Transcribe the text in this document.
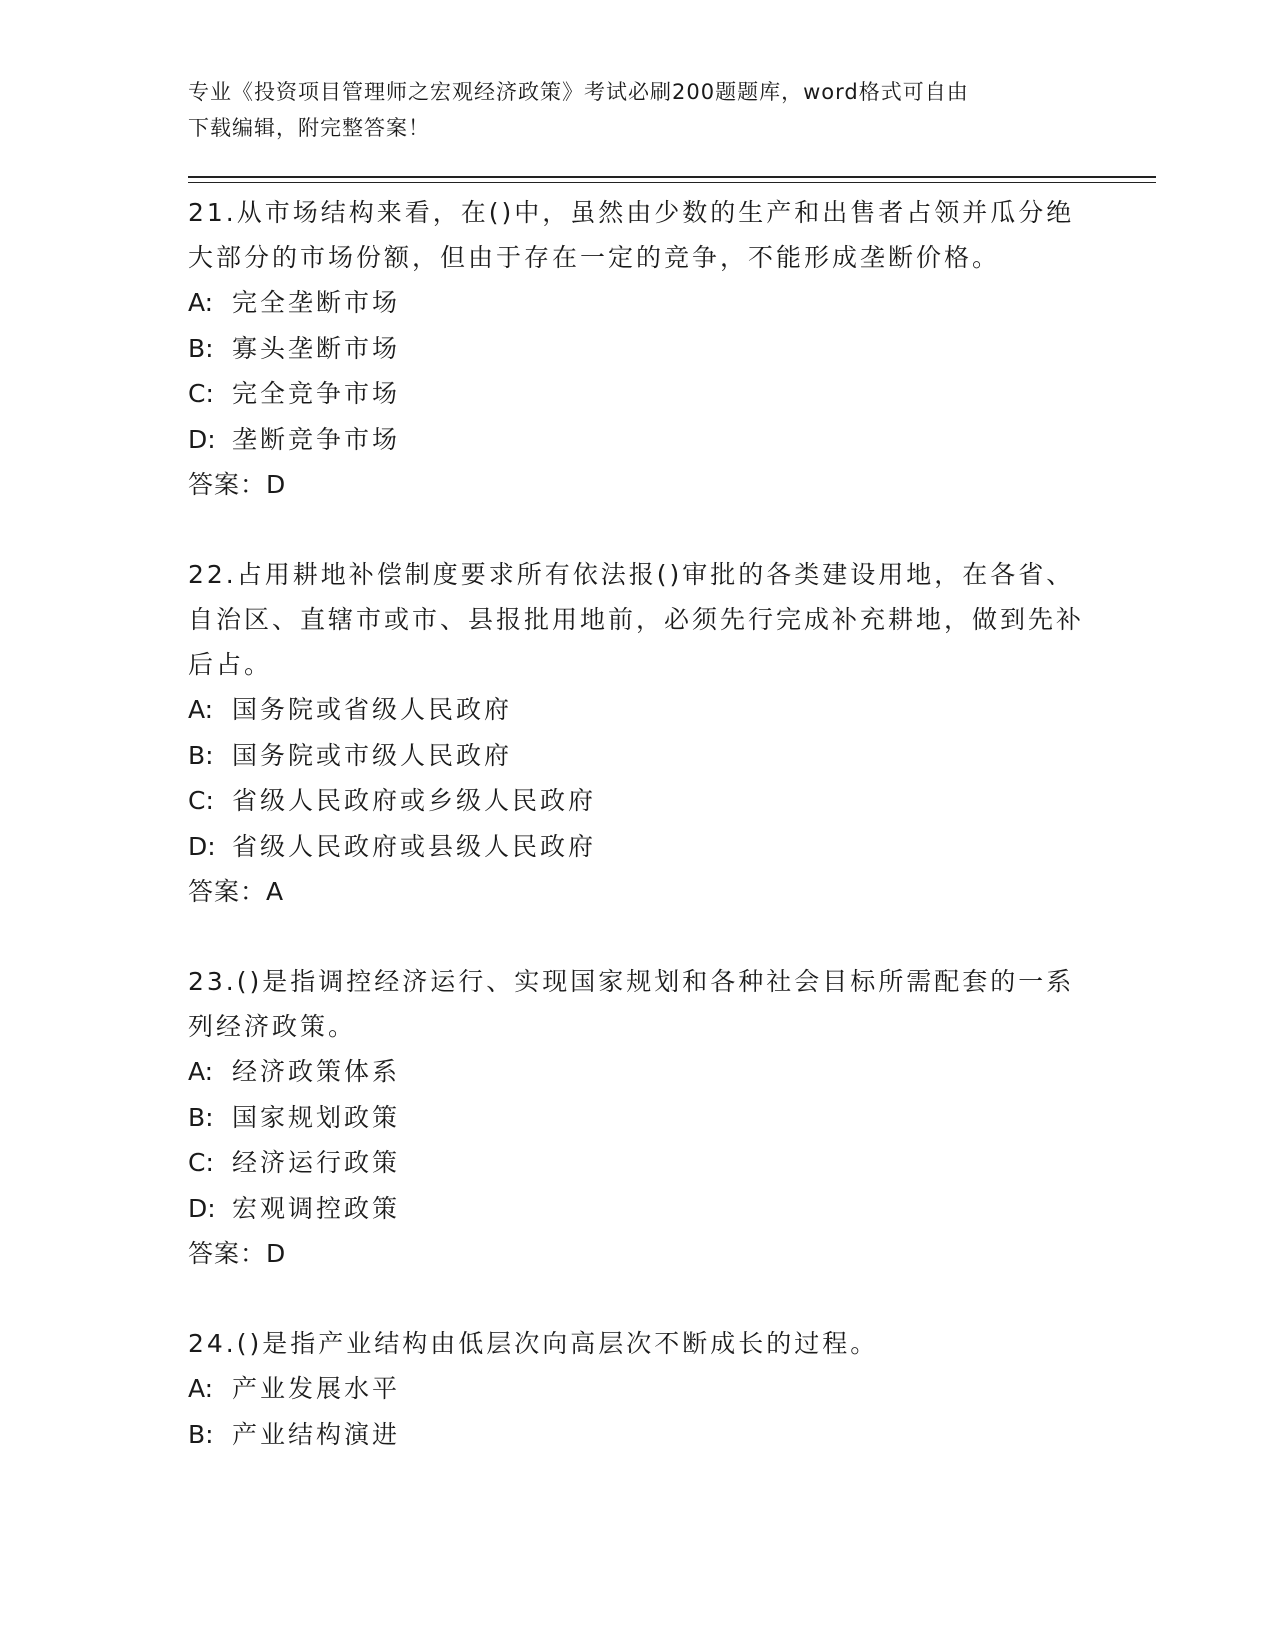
专业《投资项目管理师之宏观经济政策》考试必刷200题题库，word格式可自由
下载编辑，附完整答案！

21.从市场结构来看，在()中，虽然由少数的生产和出售者占领并瓜分绝大部分的市场份额，但由于存在一定的竞争，不能形成垄断价格。

A: 完全垄断市场

B: 寡头垄断市场

C: 完全竞争市场

D: 垄断竞争市场

答案：D

22.占用耕地补偿制度要求所有依法报()审批的各类建设用地，在各省、自治区、直辖市或市、县报批用地前，必须先行完成补充耕地，做到先补后占。

A: 国务院或省级人民政府

B: 国务院或市级人民政府

C: 省级人民政府或乡级人民政府

D: 省级人民政府或县级人民政府

答案：A

23.()是指调控经济运行、实现国家规划和各种社会目标所需配套的一系列经济政策。

A: 经济政策体系

B: 国家规划政策

C: 经济运行政策

D: 宏观调控政策

答案：D

24.()是指产业结构由低层次向高层次不断成长的过程。

A: 产业发展水平

B: 产业结构演进
